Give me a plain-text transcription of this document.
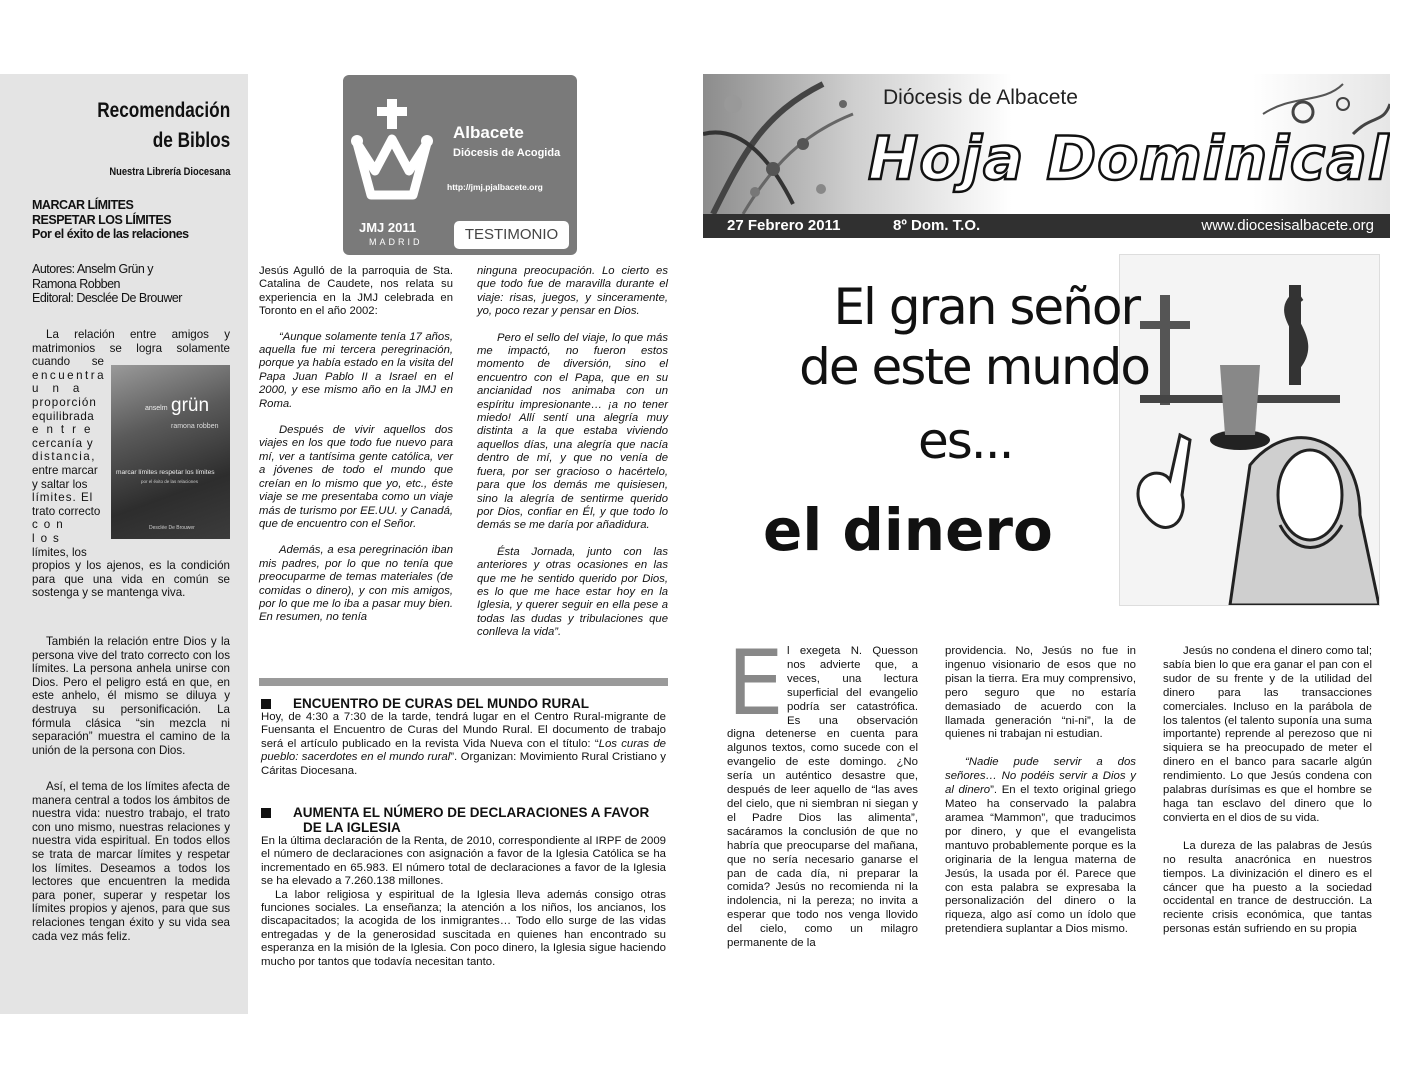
Recomendación
de Biblos
Nuestra Librería Diocesana
MARCAR LÍMITES
RESPETAR LOS LÍMITES
Por el éxito de las relaciones
Autores: Anselm Grün y
Ramona Robben
Editoral: Desclée De Brouwer
La relación entre amigos y
matrimonios se logra solamente
cuando se
encuentra
una
proporción
equilibrada
entre
cercanía y
distancia,
entre marcar
y saltar los
límites. El
trato correcto
con los
límites, los
propios y los ajenos, es la condición para que una vida en común se sostenga y se mantenga viva.
anselm grün
ramona robben
marcar límites respetar los límites
por el éxito de las relaciones
Desclée De Brouwer
También la relación entre Dios y la persona vive del trato correcto con los límites. La persona anhela unirse con Dios. Pero el peligro está en que, en este anhelo, él mismo se diluya y destruya su personificación. La fórmula clásica “sin mezcla ni separación” muestra el camino de la unión de la persona con Dios.
Así, el tema de los límites afecta de manera central a todos los ámbitos de nuestra vida: nuestro trabajo, el trato con uno mismo, nuestras relaciones y nuestra vida espiritual. En todos ellos se trata de marcar límites y respetar los límites. Deseamos a todos los lectores que encuentren la medida para poner, superar y respetar los límites propios y ajenos, para que sus relaciones tengan éxito y su vida sea cada vez más feliz.
Albacete
Diócesis de Acogida
http://jmj.pjalbacete.org
JMJ 2011
MADRID	TESTIMONIO

Jesús Agulló de la parroquia de Sta. Catalina de Caudete, nos relata su experiencia en la JMJ celebrada en Toronto en el año 2002:

“Aunque solamente tenía 17 años, aquella fue mi tercera peregrinación, porque ya había estado en la visita del Papa Juan Pablo II a Israel en el 2000, y ese mismo año en la JMJ en Roma.

Después de vivir aquellos dos viajes en los que todo fue nuevo para mí, ver a tantísima gente católica, ver a jóvenes de todo el mundo que creían en lo mismo que yo, etc., éste viaje se me presentaba como un viaje más de turismo por EE.UU. y Canadá, que de encuentro con el Señor.

Además, a esa peregrinación iban mis padres, por lo que no tenía que preocuparme de temas materiales (de comidas o dinero), y con mis amigos, por lo que me lo iba a pasar muy bien. En resumen, no tenía

ninguna preocupación. Lo cierto es que todo fue de maravilla durante el viaje: risas, juegos, y sinceramente, yo, poco rezar y pensar en Dios.

Pero el sello del viaje, lo que más me impactó, no fueron estos momento de diversión, sino el encuentro con el Papa, que en su ancianidad nos animaba con un espíritu impresionante… ¡a no tener miedo! Allí sentí una alegría muy distinta a la que estaba viviendo aquellos días, una alegría que nacía dentro de mí, y que no venía de fuera, por ser gracioso o hacértelo, para que los demás me quisiesen, sino la alegría de sentirme querido por Dios, confiar en Él, y que todo lo demás se me daría por añadidura.

Ésta Jornada, junto con las anteriores y otras ocasiones en las que me he sentido querido por Dios, es lo que me hace estar hoy en la Iglesia, y querer seguir en ella pese a todas las dudas y tribulaciones que conlleva la vida”.

ENCUENTRO DE CURAS DEL MUNDO RURAL
Hoy, de 4:30 a 7:30 de la tarde, tendrá lugar en el Centro Rural-migrante de Fuensanta el Encuentro de Curas del Mundo Rural. El documento de trabajo será el artículo publicado en la revista Vida Nueva con el título: “Los curas de pueblo: sacerdotes en el mundo rural”. Organizan: Movimiento Rural Cristiano y Cáritas Diocesana.
AUMENTA EL NÚMERO DE DECLARACIONES A FAVOR
DE LA IGLESIA
En la última declaración de la Renta, de 2010, correspondiente al IRPF de 2009 el número de declaraciones con asignación a favor de la Iglesia Católica se ha incrementado en 65.983. El número total de declaraciones a favor de la Iglesia se ha elevado a 7.260.138 millones.
La labor religiosa y espiritual de la Iglesia lleva además consigo otras funciones sociales. La enseñanza; la atención a los niños, los ancianos, los discapacitados; la acogida de los inmigrantes… Todo ello surge de las vidas entregadas y de la generosidad suscitada en quienes han encontrado su esperanza en la misión de la Iglesia. Con poco dinero, la Iglesia sigue haciendo mucho por tantos que todavía necesitan tanto.
Diócesis de Albacete
Hoja Dominical
27 Febrero 2011	8º Dom. T.O.	www.diocesisalbacete.org
El gran señor
de este mundo
es...
el dinero
E l exegeta N. Quesson
nos advierte que, a
veces, una lectura
superficial del evangelio
podría ser catastrófica.
Es una observación
digna detenerse en cuenta para algunos textos, como sucede con el evangelio de este domingo. ¿No sería un auténtico desastre que, después de leer aquello de “las aves del cielo, que ni siembran ni siegan y el Padre Dios las alimenta”, sacáramos la conclusión de que no habría que preocuparse del mañana, que no sería necesario ganarse el pan de cada día, ni preparar la comida? Jesús no recomienda ni la indolencia, ni la pereza; no invita a esperar que todo nos venga llovido del cielo, como un milagro permanente de la

providencia. No, Jesús no fue in ingenuo visionario de esos que no pisan la tierra. Era muy comprensivo, pero seguro que no estaría demasiado de acuerdo con la llamada generación “ni-ni”, la de quienes ni trabajan ni estudian.

“Nadie pude servir a dos señores… No podéis servir a Dios y al dinero”. En el texto original griego Mateo ha conservado la palabra aramea “Mammon”, que traducimos por dinero, y que el evangelista mantuvo probablemente porque es la originaria de la lengua materna de Jesús, la usada por él. Parece que con esta palabra se expresaba la personalización del dinero o la riqueza, algo así como un ídolo que pretendiera suplantar a Dios mismo.

Jesús no condena el dinero como tal; sabía bien lo que era ganar el pan con el sudor de su frente y de la utilidad del dinero para las transacciones comerciales. Incluso en la parábola de los talentos (el talento suponía una suma importante) reprende al perezoso que ni siquiera se ha preocupado de meter el dinero en el banco para sacarle algún rendimiento. Lo que Jesús condena con palabras durísimas es que el hombre se haga tan esclavo del dinero que lo convierta en el dios de su vida.

La dureza de las palabras de Jesús no resulta anacrónica en nuestros tiempos. La divinización el dinero es el cáncer que ha puesto a la sociedad occidental en trance de destrucción. La reciente crisis económica, que tantas personas están sufriendo en su propia
